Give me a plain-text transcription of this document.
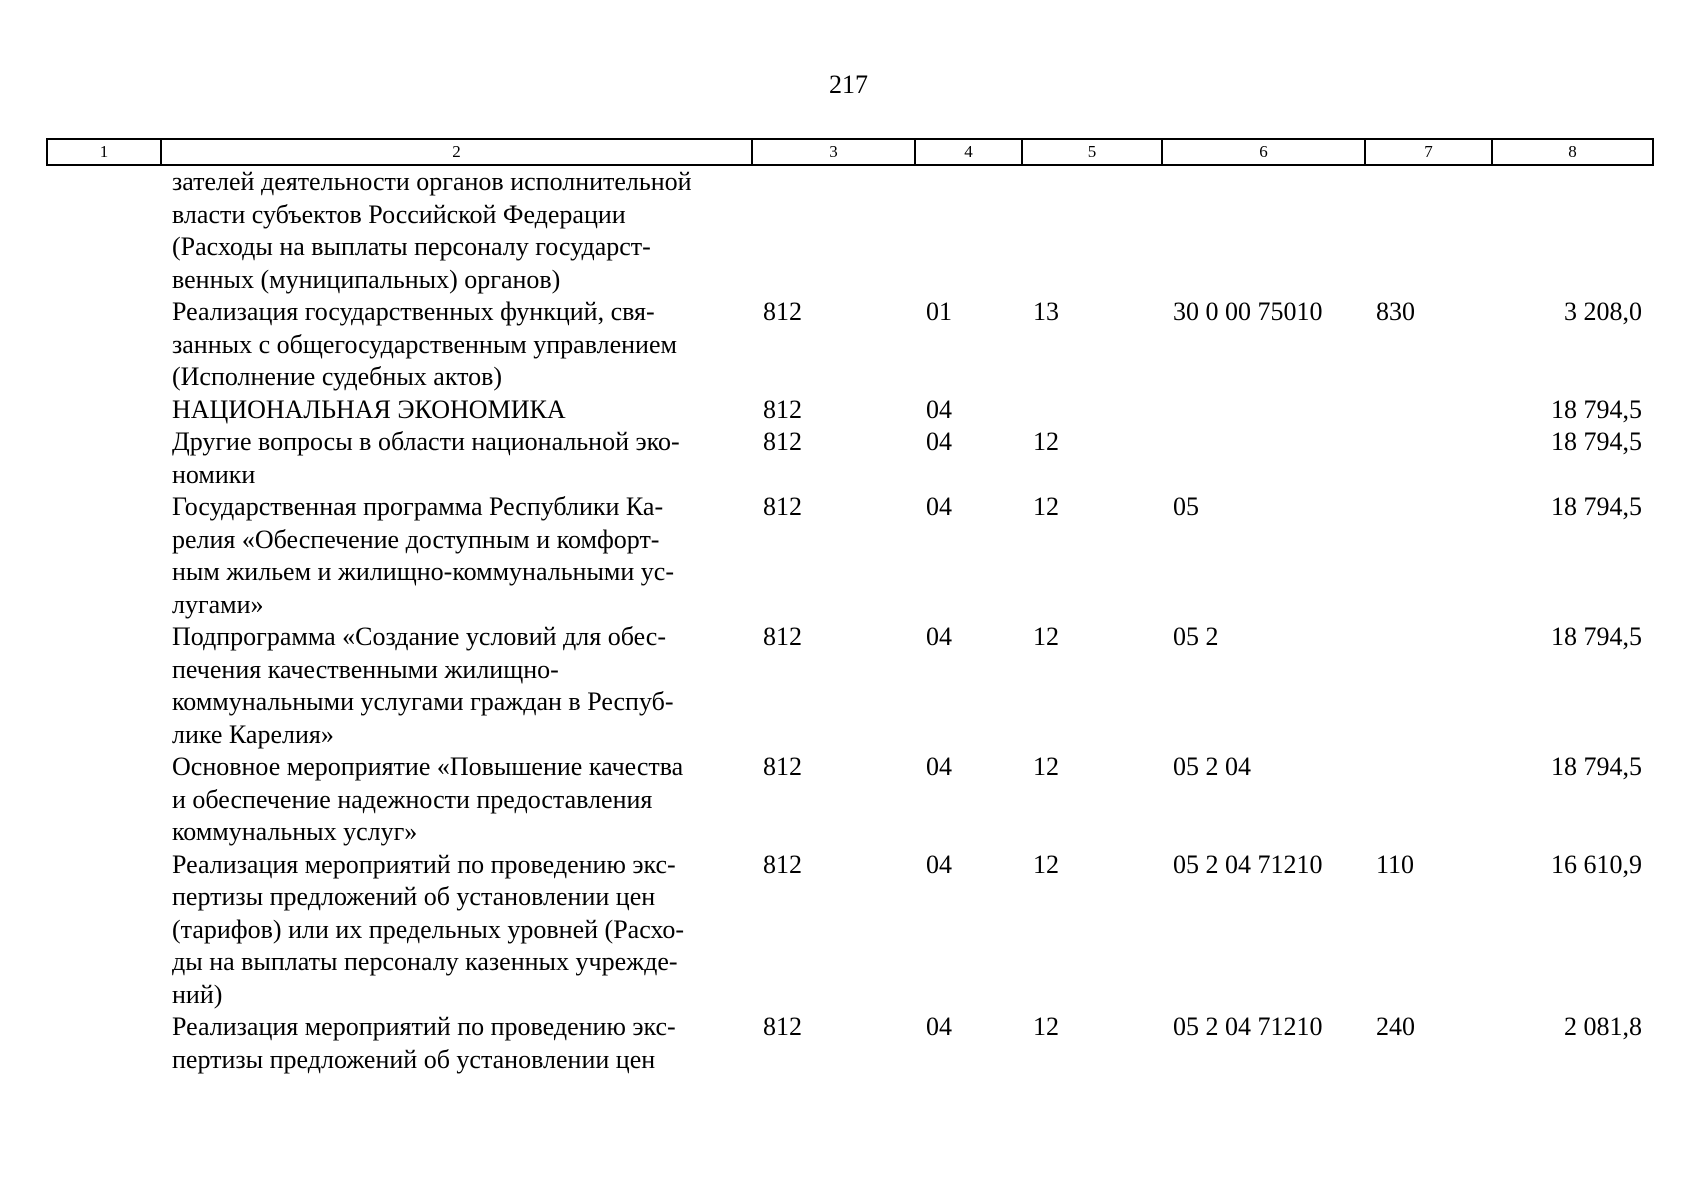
217
1	2	3	4	5	6	7	8

	зателей деятельности органов исполнительной
власти субъектов Российской Федерации
(Расходы на выплаты персоналу государст-
венных (муниципальных) органов)						

	Реализация государственных функций, свя-
занных с общегосударственным управлением
(Исполнение судебных актов)	812	01	13	30 0 00 75010	830	3 208,0

	НАЦИОНАЛЬНАЯ ЭКОНОМИКА	812	04				18 794,5

	Другие вопросы в области национальной эко-
номики	812	04	12			18 794,5

	Государственная программа Республики Ка-
релия «Обеспечение доступным и комфорт-
ным жильем и жилищно-коммунальными ус-
лугами»	812	04	12	05		18 794,5

	Подпрограмма «Создание условий для обес-
печения качественными жилищно-
коммунальными услугами граждан в Респуб-
лике Карелия»	812	04	12	05 2		18 794,5

	Основное мероприятие «Повышение качества
и обеспечение надежности предоставления
коммунальных услуг»	812	04	12	05 2 04		18 794,5

	Реализация мероприятий по проведению экс-
пертизы предложений об установлении цен
(тарифов) или их предельных уровней (Расхо-
ды на выплаты персоналу казенных учрежде-
ний)	812	04	12	05 2 04 71210	110	16 610,9

	Реализация мероприятий по проведению экс-
пертизы предложений об установлении цен	812	04	12	05 2 04 71210	240	2 081,8
